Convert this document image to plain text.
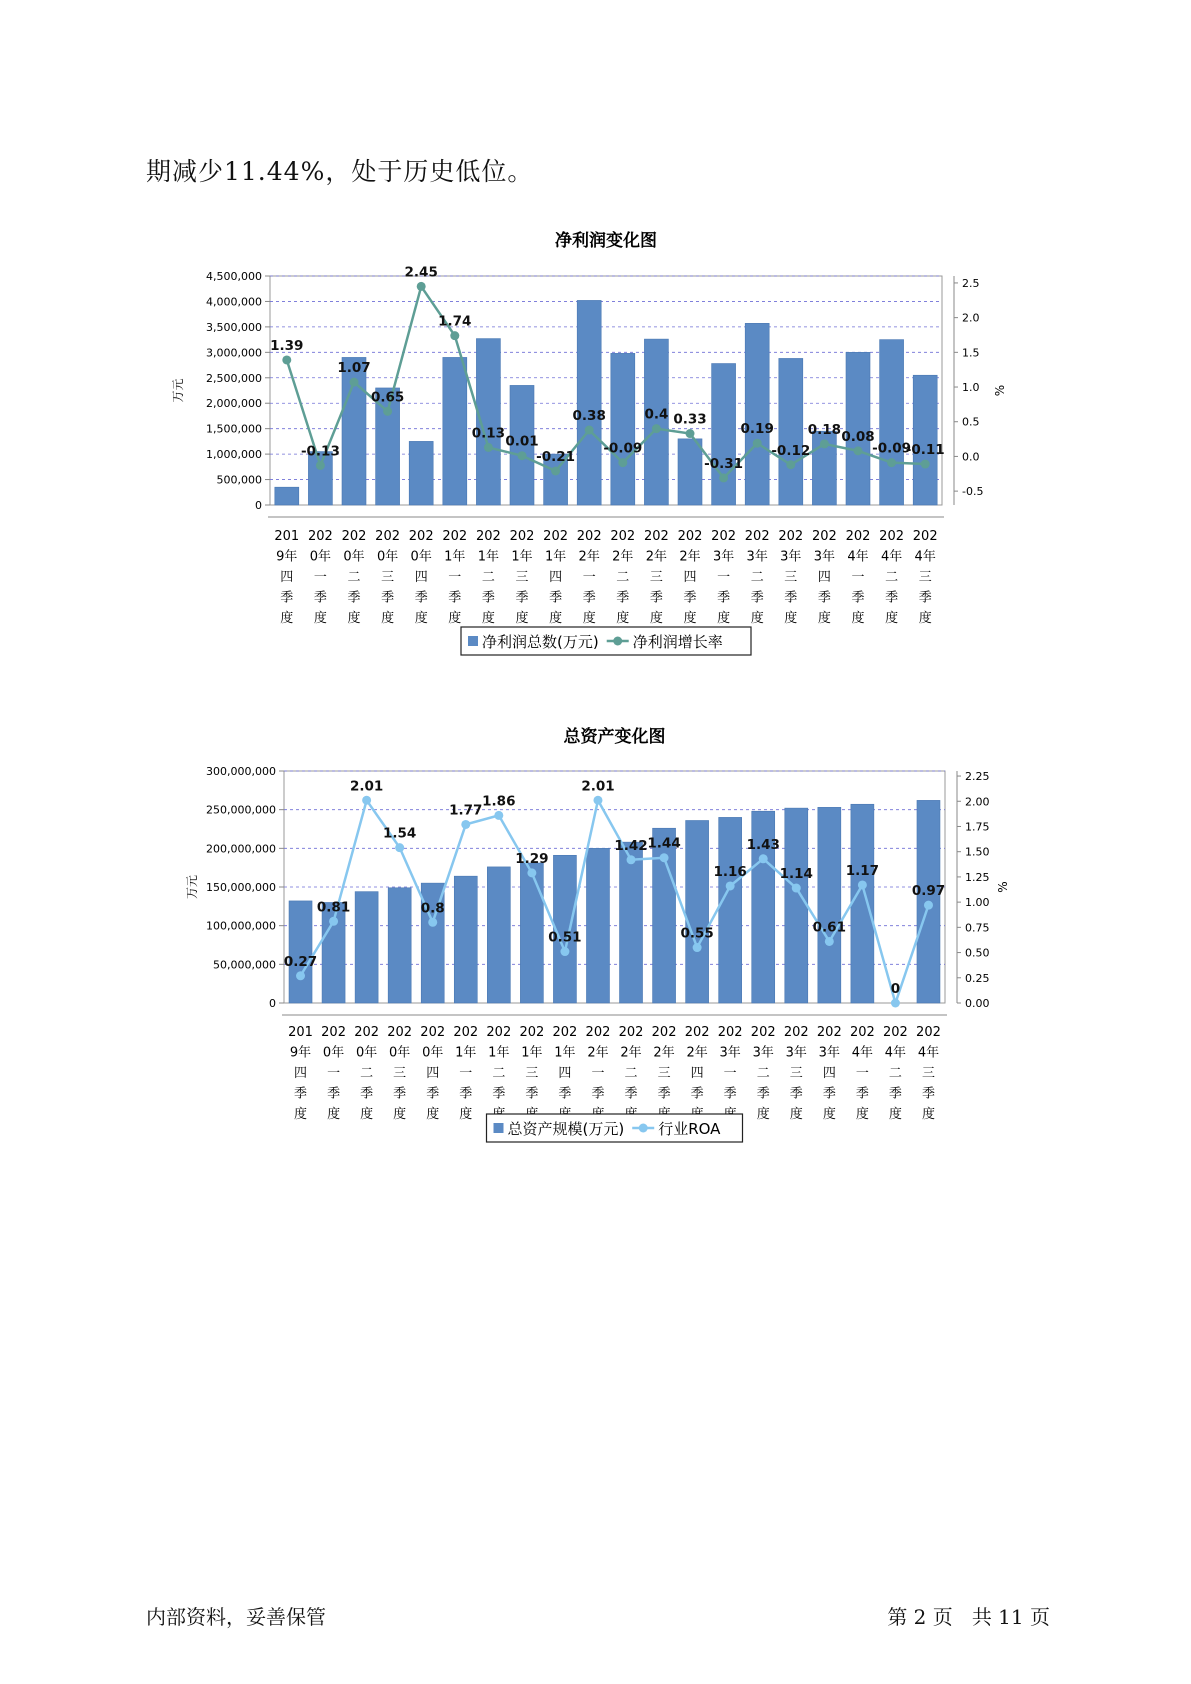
期减少11.44%，处于历史低位。
净利润变化图
0
500,000
1,000,000
1,500,000
2,000,000
2,500,000
3,000,000
3,500,000
4,000,000
4,500,000
-0.5
0.0
0.5
1.0
1.5
2.0
2.5
万元	%
1.39
-0.13
1.07
0.65
2.45
1.74
0.13
0.01
-0.21
0.38
-0.09
0.4 0.33
-0.31
0.19
-0.12
0.18 0.08
-0.09
-0.11
201
9年
四
季
度
202
0年
一
季
度
202
0年
二
季
度
202
0年
三
季
度
202
0年
四
季
度
202
1年
一
季
度
202
1年
二
季
度
202
1年
三
季
度
202
1年
四
季
度
202
2年
一
季
度
202
2年
二
季
度
202
2年
三
季
度
202
2年
四
季
度
202
3年
一
季
度
202
3年
二
季
度
202
3年
三
季
度
202
3年
四
季
度
202
4年
一
季
度
202
4年
二
季
度
202
4年
三
季
度
净利润总数(万元) 净利润增长率
总资产变化图
0
50,000,000
100,000,000
150,000,000
200,000,000
250,000,000
300,000,000
0.00
0.25
0.50
0.75
1.00
1.25
1.50
1.75
2.00
2.25
万元	%
0.27
0.81
2.01
1.54
0.8
1.77
1.86
1.29
0.51
2.01
1.42 1.44
0.55
1.16
1.43
1.14
0.61
1.17
0
0.97
201
9年
四
季
度
202
0年
一
季
度
202
0年
二
季
度
202
0年
三
季
度
202
0年
四
季
度
202
1年
一
季
度
202
1年
二
季
202
1年
三
季
202
1年
四
季
202
2年
一
季
202
2年
二
季
202
2年
三
季
202
2年
四
季
202
3年
一
季
202
3年
二
季
度
202
3年
三
季
度
202
3年
四
季
度
202
4年
一
季
度
202
4年
二
季
度
202
4年
三
季
度
总资产规模(万元) 行业ROA
内部资料，妥善保管	第 2 页   共 11 页
